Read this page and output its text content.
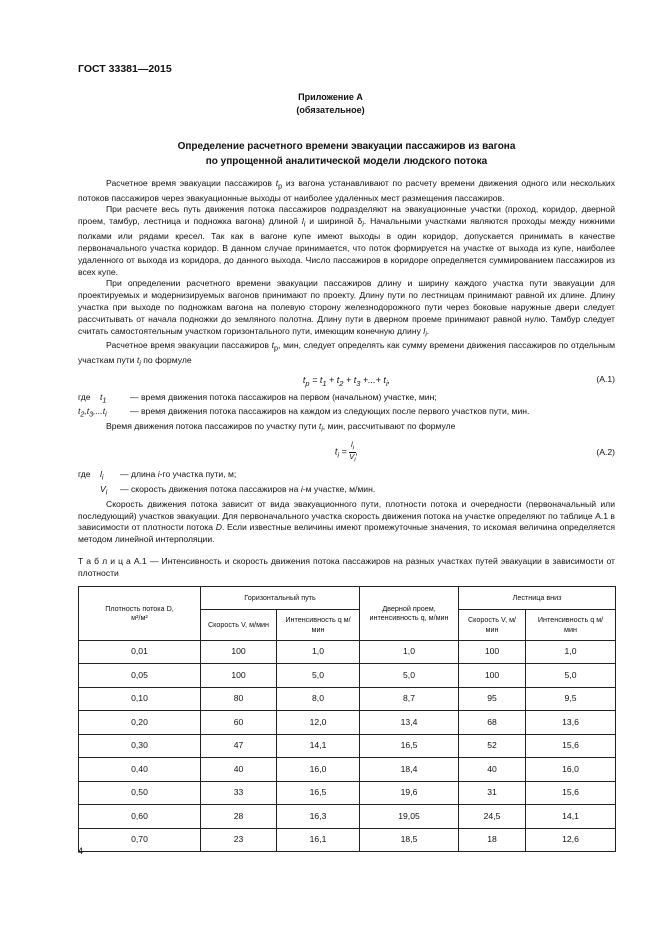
ГОСТ 33381—2015
Приложение А
(обязательное)
Определение расчетного времени эвакуации пассажиров из вагона
по упрощенной аналитической модели людского потока

Расчетное время эвакуации пассажиров $t_р$ из вагона устанавливают по расчету времени движения одного или нескольких потоков пассажиров через эвакуационные выходы от наиболее удаленных мест размещения пассажиров.

При расчете весь путь движения потока пассажиров подразделяют на эвакуационные участки (проход, коридор, дверной проем, тамбур, лестница и подножка вагона) длиной $l_i$ и шириной $\delta_i$. Начальными участками являются проходы между нижними полками или рядами кресел. Так как в вагоне купе имеют выходы в один коридор, допускается принимать в качестве первоначального участка коридор. В данном случае принимается, что поток формируется на участке от выхода из купе, наиболее удаленного от выхода из коридора, до данного выхода. Число пассажиров в коридоре определяется суммированием пассажиров из всех купе.

При определении расчетного времени эвакуации пассажиров длину и ширину каждого участка пути эвакуации для проектируемых и модернизируемых вагонов принимают по проекту. Длину пути по лестницам принимают равной их длине. Длину участка при выходе по подножкам вагона на полевую сторону железнодорожного пути через боковые наружные двери следует рассчитывать от начала подножки до земляного полотна. Длину пути в дверном проеме принимают равной нулю. Тамбур следует считать самостоятельным участком горизонтального пути, имеющим конечную длину $l_i$.

Расчетное время эвакуации пассажиров $t_р$, мин, следует определять как сумму времени движения пассажиров по отдельным участкам пути $t_i$ по формуле

$t_р = t_1 + t_2 + t_3$ +...+ $t_i$,	(А.1)
где	$t_1$	— время движения потока пассажиров на первом (начальном) участке, мин;
$t_2,t_3,...t_i$	— время движения потока пассажиров на каждом из следующих после первого участков пути, мин.

Время движения потока пассажиров по участку пути $t_i$, мин, рассчитывают по формуле

$t_i = \frac{l_i}{V_i}$ ,	(А.2)
где	$l_i$	— длина i-го участка пути, м;
$V_i$	— скорость движения потока пассажиров на i-м участке, м/мин.

Скорость движения потока зависит от вида эвакуационного пути, плотности потока и очередности (первоначальный или последующий) участков эвакуации. Для первоначального участка скорость движения потока на участке определяют по таблице А.1 в зависимости от плотности потока D. Если известные величины имеют промежуточные значения, то искомая величина определяется методом линейной интерполяции.

Т а б л и ц а А.1 — Интенсивность и скорость движения потока пассажиров на разных участках путей эвакуации в зависимости от плотности

Плотность потока D,
м²/м²	Горизонтальный путь		Дверной проем, интенсивность q, м/мин	Лестница вниз	
	Скорость V, м/мин	Интенсивность q м/мин		Скорость V, м/мин	Интенсивность q м/мин
0,01	100	1,0	1,0	100	1,0
0,05	100	5,0	5,0	100	5,0
0,10	80	8,0	8,7	95	9,5
0,20	60	12,0	13,4	68	13,6
0,30	47	14,1	16,5	52	15,6
0,40	40	16,0	18,4	40	16,0
0,50	33	16,5	19,6	31	15,6
0,60	28	16,3	19,05	24,5	14,1
0,70	23	16,1	18,5	18	12,6
4
